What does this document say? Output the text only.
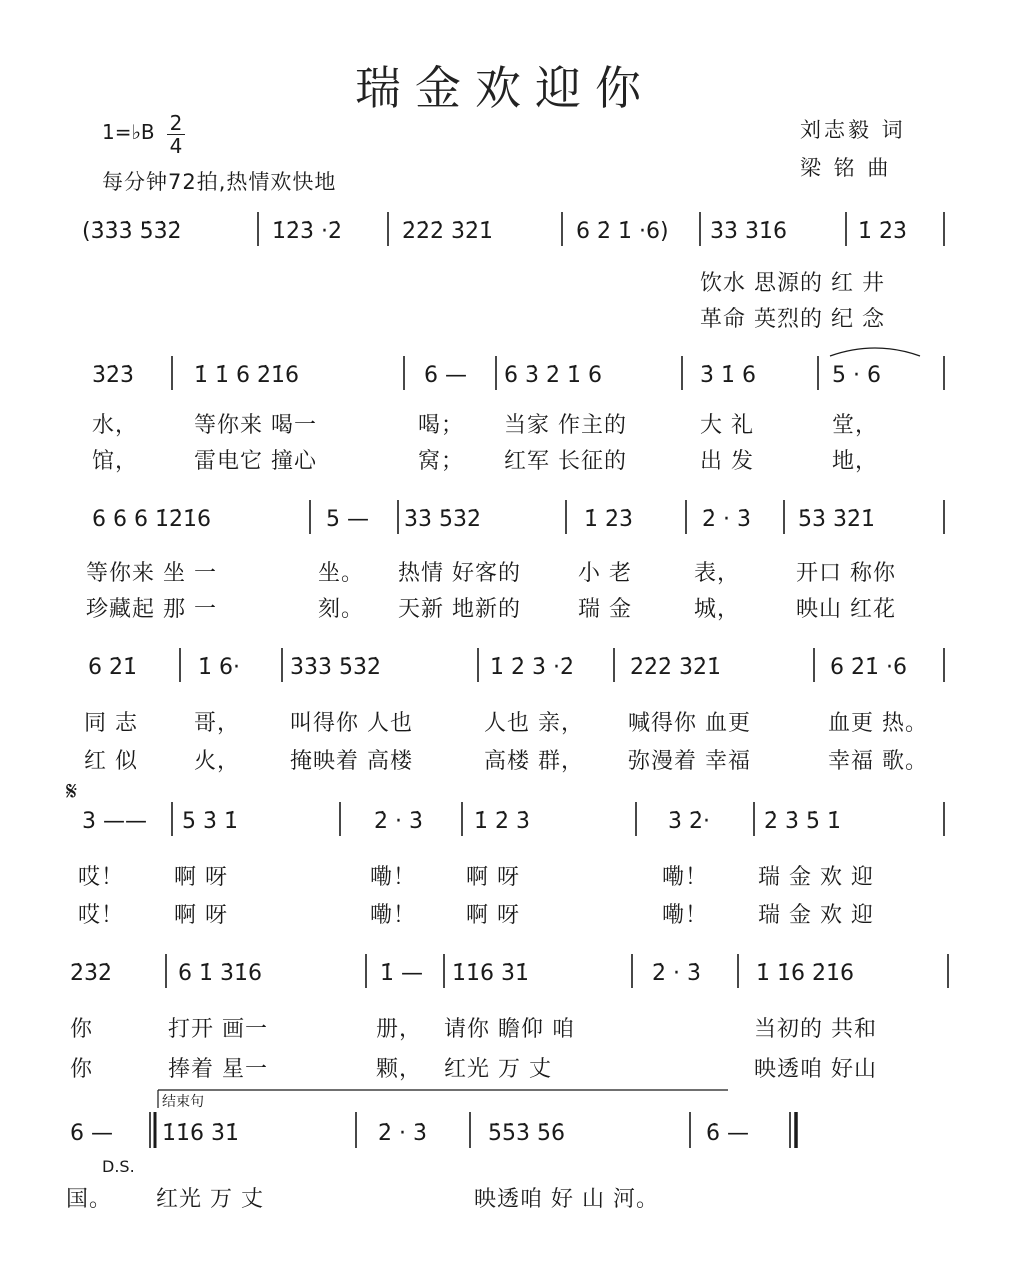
瑞金欢迎你
1=♭B 2
4
每分钟72拍,热情欢快地
刘志毅 词
梁 铭 曲
(3̇3̇3̇ 5̇3̇2̇	1̇2̇3̇ ·2̇	2̇2̇2̇ 3̇2̇1̇	6 2̇ 1̇ ·6) 3̇3̇ 3̇1̇6	1̇ 2̇3̇
饮水 思源的 红 井
革命 英烈的 纪 念
3̇2̇3̇	1̇ 1̇ 6 2̇1̇6	6 — 6 3̇ 2̇ 1̇ 6	3̇ 1̇ 6	5 · 6
水，	等你来 喝一	喝； 当家 作主的	大 礼	堂，
馆，	雷电它 撞心	窝； 红军 长征的	出 发	地，
6 6 6 1̇2̇1̇6	5 — 3̇3̇ 5̇3̇2̇	1̇ 2̇3̇	2̇ · 3̇ 5̇3̇ 3̇2̇1̇
等你来 坐 一	坐。 热情 好客的	小 老	表，	开口 称你
珍藏起 那 一	刻。 天新 地新的	瑞 金	城，	映山 红花
6 2̇1̇	1̇ 6· 3̇3̇3̇ 5̇3̇2̇	1̇ 2̇ 3̇ ·2̇	2̇2̇2̇ 3̇2̇1̇	6 2̇1̇ ·6
同 志	哥， 叫得你 人也	人也 亲， 喊得你 血更	血更 热。
红 似	火， 掩映着 高楼	高楼 群， 弥漫着 幸福	幸福 歌。
𝄋
3 —— 5 3̇ 1̇	2̇ · 3̇ 1̇ 2̇ 3̇	3̇ 2̇· 2̇ 3̇ 5̇ 1̇
哎！ 啊 呀	嘞！ 啊 呀	嘞！ 瑞 金 欢 迎
哎！ 啊 呀	嘞！ 啊 呀	嘞！ 瑞 金 欢 迎
2̇3̇2̇	6 1̇ 3̇1̇6	1̇ — 1̇1̇6 3̇1̇	2̇ · 3̇	1̇ 1̇6 2̇1̇6
你	打开 画一	册， 请你 瞻仰 咱	当初的 共和
你	捧着 星一	颗， 红光 万 丈	映透咱 好山
结束句
6 — 1̇1̇6 3̇1̇	2̇ · 3̇	5̇5̇3̇ 5̇6̇	6̇ —
D.S.
国。 红光 万 丈	映透咱 好 山 河。
